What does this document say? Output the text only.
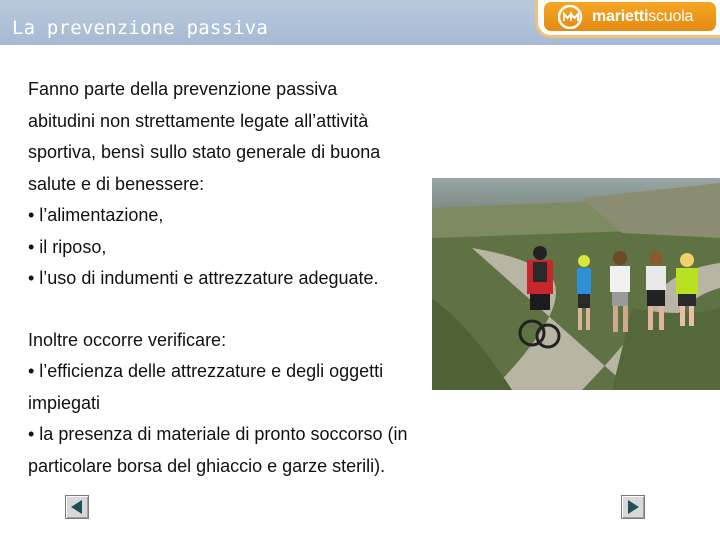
La prevenzione passiva
mariettiscuola
Fanno parte della prevenzione passiva
abitudini non strettamente legate all’attività
sportiva, bensì sullo stato generale di buona
salute e di benessere:
• l’alimentazione,
• il riposo,
• l’uso di indumenti e attrezzature adeguate.
Inoltre occorre verificare:
• l’efficienza delle attrezzature e degli oggetti
impiegati
• la presenza di materiale di pronto soccorso (in
particolare borsa del ghiaccio e garze sterili).
